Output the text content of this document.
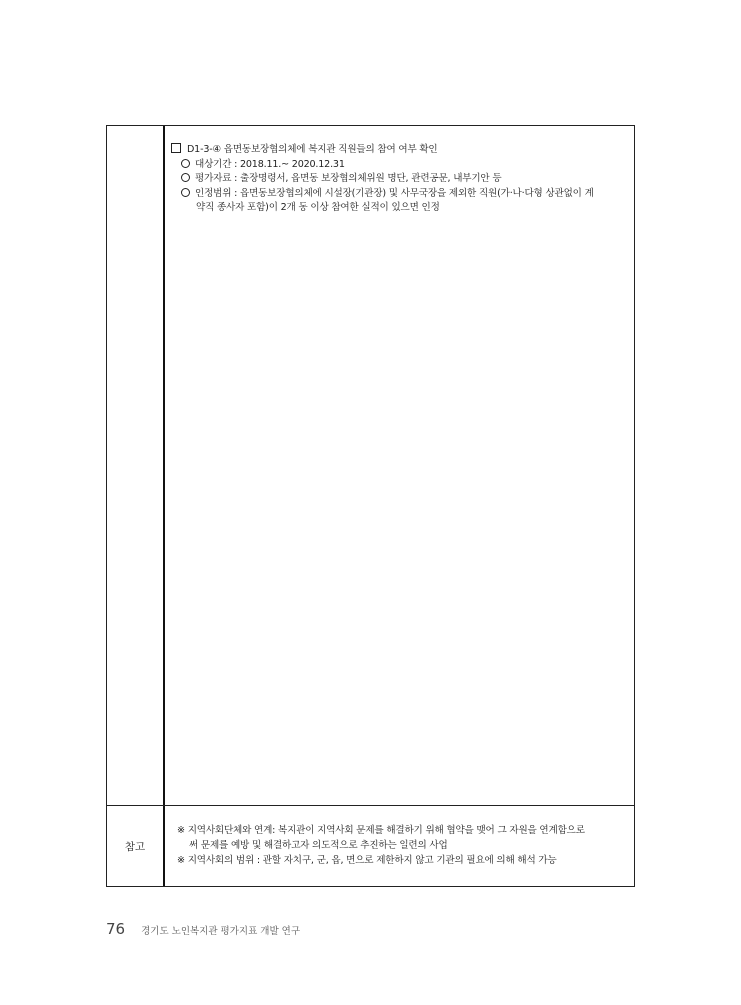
D1-3-④ 읍면동보장협의체에 복지관 직원들의 참여 여부 확인
대상기간 : 2018.11.~ 2020.12.31
평가자료 : 출장명령서, 읍면동 보장협의체위원 명단, 관련공문, 내부기안 등
인정범위 : 읍면동보장협의체에 시설장(기관장) 및 사무국장을 제외한 직원(가·나·다형 상관없이 계
약직 종사자 포함)이 2개 동 이상 참여한 실적이 있으면 인정
참고
※ 지역사회단체와 연계: 복지관이 지역사회 문제를 해결하기 위해 협약을 맺어 그 자원을 연계함으로
써 문제를 예방 및 해결하고자 의도적으로 추진하는 일련의 사업
※ 지역사회의 범위 : 관할 자치구, 군, 읍, 면으로 제한하지 않고 기관의 필요에 의해 해석 가능
76 경기도 노인복지관 평가지표 개발 연구
